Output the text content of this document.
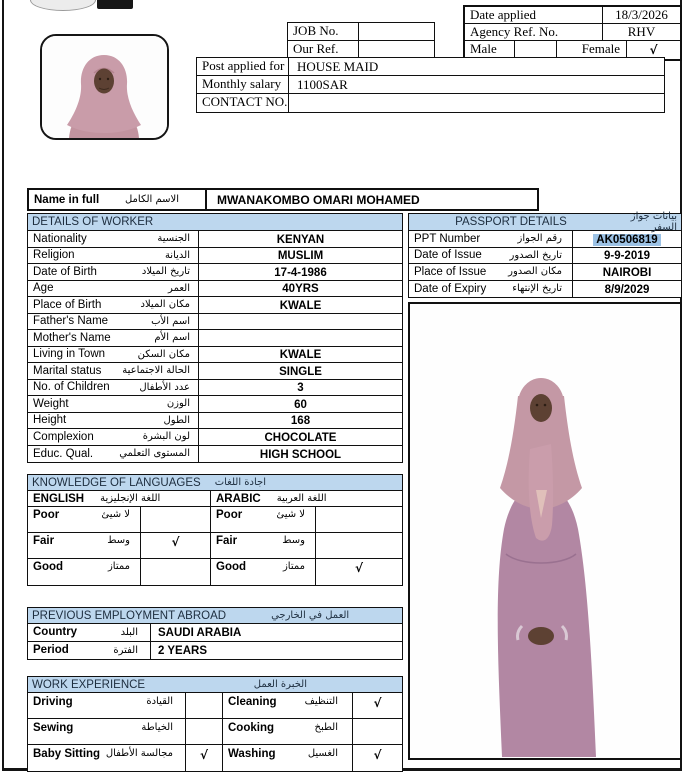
Date applied	18/3/2026
Agency Ref. No.	RHV
Male	Female	√
JOB No.
Our Ref.
Post applied for HOUSE MAID
Monthly salary	1100SAR
CONTACT NO.
Name in full	الاسم الكامل	MWANAKOMBO OMARI MOHAMED
DETAILS OF WORKER
Nationality	الجنسية	KENYAN
Religion	الديانة	MUSLIM
Date of Birth	تاريخ الميلاد	17-4-1986
Age	العمر	40YRS
Place of Birth	مكان الميلاد	KWALE
Father's Name	اسم الأب
Mother's Name	اسم الأم
Living in Town	مكان السكن	KWALE
Marital status الحالة الاجتماعية	SINGLE
No. of Children	عدد الأطفال	3
Weight	الوزن	60
Height	الطول	168
Complexion	لون البشرة	CHOCOLATE
Educ. Qual.	المستوى التعلمي	HIGH SCHOOL
PASSPORT DETAILS	بيانات جواز السفر
PPT Number	رقم الجواز	AK0506819
Date of Issue	تاريخ الصدور	9-9-2019
Place of Issue مكان الصدور	NAIROBI
Date of Expiry	تاريخ الإنتهاء	8/9/2029
KNOWLEDGE OF LANGUAGES اجادة اللغات
ENGLISH اللغة الإنجليزية	ARABIC اللغة العربية
Poor	لا شيئ	Poor	لا شيئ
Fair	وسط	√	Fair	وسط
Good	ممتاز	Good	ممتاز	√
PREVIOUS EMPLOYMENT ABROAD	العمل في الخارجي
Country	البلد	SAUDI ARABIA
Period	الفترة	2 YEARS
WORK EXPERIENCE	الخبرة العمل
Driving	القيادة	Cleaning	التنظيف	√
Sewing	الخياطة	Cooking	الطبخ
Baby Sitting مجالسة الأطفال √ Washing	الغسيل	√
